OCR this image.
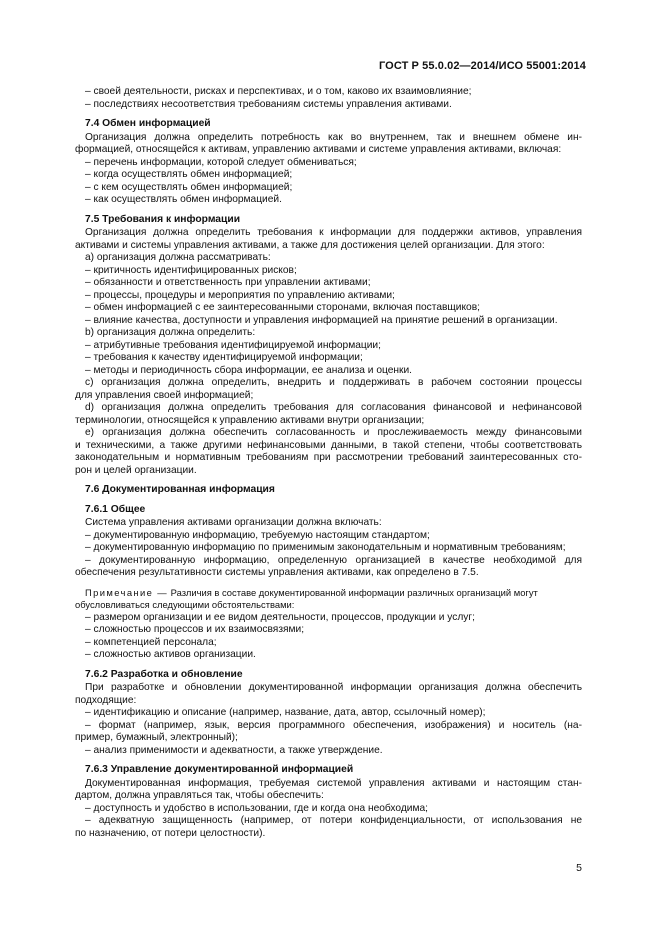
ГОСТ Р 55.0.02—2014/ИСО 55001:2014
– своей деятельности, рисках и перспективах, и о том, каково их взаимовлияние;
– последствиях несоответствия требованиям системы управления активами.
7.4 Обмен информацией
Организация должна определить потребность как во внутреннем, так и внешнем обмене ин-
формацией, относящейся к активам, управлению активами и системе управления активами, включая:
– перечень информации, которой следует обмениваться;
– когда осуществлять обмен информацией;
– с кем осуществлять обмен информацией;
– как осуществлять обмен информацией.
7.5 Требования к информации
Организация должна определить требования к информации для поддержки активов, управления
активами и системы управления активами, а также для достижения целей организации. Для этого:
а) организация должна рассматривать:
– критичность идентифицированных рисков;
– обязанности и ответственность при управлении активами;
– процессы, процедуры и мероприятия по управлению активами;
– обмен информацией с ее заинтересованными сторонами, включая поставщиков;
– влияние качества, доступности и управления информацией на принятие решений в организации.
b) организация должна определить:
– атрибутивные требования идентифицируемой информации;
– требования к качеству идентифицируемой информации;
– методы и периодичность сбора информации, ее анализа и оценки.
с) организация должна определить, внедрить и поддерживать в рабочем состоянии процессы
для управления своей информацией;
d) организация должна определить требования для согласования финансовой и нефинансовой
терминологии, относящейся к управлению активами внутри организации;
е) организация должна обеспечить согласованность и прослеживаемость между финансовыми
и техническими, а также другими нефинансовыми данными, в такой степени, чтобы соответствовать
законодательным и нормативным требованиям при рассмотрении требований заинтересованных сто-
рон и целей организации.
7.6 Документированная информация
7.6.1 Общее
Система управления активами организации должна включать:
– документированную информацию, требуемую настоящим стандартом;
– документированную информацию по применимым законодательным и нормативным требованиям;
– документированную информацию, определенную организацией в качестве необходимой для
обеспечения результативности системы управления активами, как определено в 7.5.
Примечание — Различия в составе документированной информации различных организаций могут
обусловливаться следующими обстоятельствами:
– размером организации и ее видом деятельности, процессов, продукции и услуг;
– сложностью процессов и их взаимосвязями;
– компетенцией персонала;
– сложностью активов организации.
7.6.2 Разработка и обновление
При разработке и обновлении документированной информации организация должна обеспечить
подходящие:
– идентификацию и описание (например, название, дата, автор, ссылочный номер);
– формат (например, язык, версия программного обеспечения, изображения) и носитель (на-
пример, бумажный, электронный);
– анализ применимости и адекватности, а также утверждение.
7.6.3 Управление документированной информацией
Документированная информация, требуемая системой управления активами и настоящим стан-
дартом, должна управляться так, чтобы обеспечить:
– доступность и удобство в использовании, где и когда она необходима;
– адекватную защищенность (например, от потери конфиденциальности, от использования не
по назначению, от потери целостности).
5
